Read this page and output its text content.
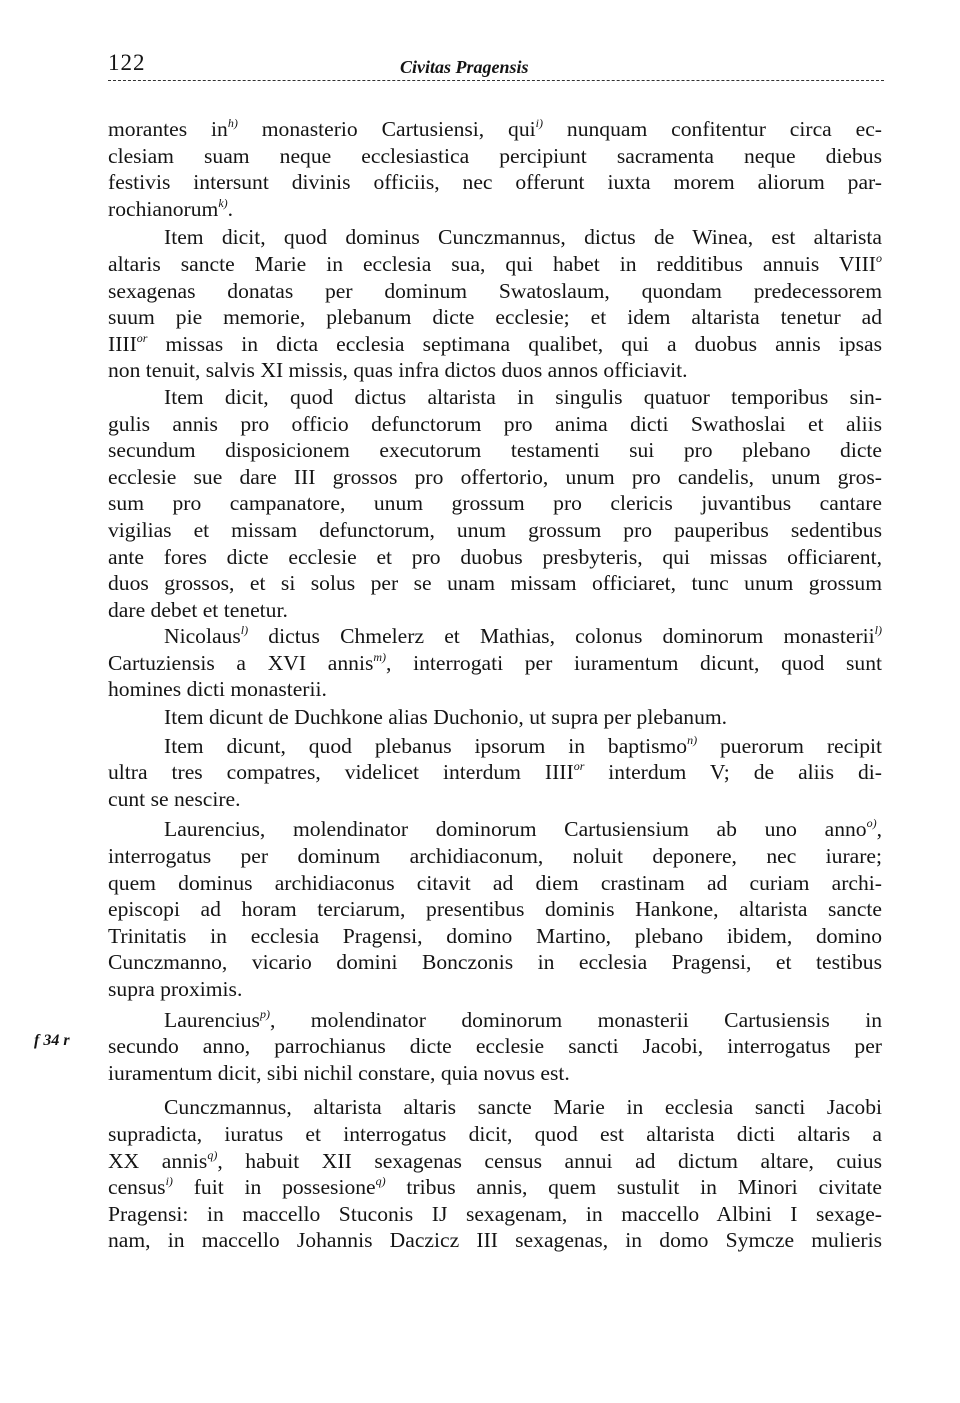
122	Civitas Pragensis
f 34 r
morantes $in^{h)}$ monasterio Cartusiensi, qui$^{i)}$ nunquam confitentur circa ec-
clesiam suam neque ecclesiastica percipiunt sacramenta neque diebus
festivis intersunt divinis officiis, nec offerunt iuxta morem aliorum par-
rochianorum$^{k)}$.
Item dicit, quod dominus Cunczmannus, dictus de Winea, est altarista
altaris sancte Marie in ecclesia sua, qui habet in redditibus annuis VIII$^o$
sexagenas donatas per dominum Swatoslaum, quondam predecessorem
suum pie memorie, plebanum dicte ecclesie; et idem altarista tenetur ad
$IIII^{or}$ missas in dicta ecclesia septimana qualibet, qui a duobus annis ipsas
non tenuit, salvis XI missis, quas infra dictos duos annos officiavit.
Item dicit, quod dictus altarista in singulis quatuor temporibus sin-
gulis annis pro officio defunctorum pro anima dicti Swathoslai et aliis
secundum disposicionem executorum testamenti sui pro plebano dicte
ecclesie sue dare III grossos pro offertorio, unum pro candelis, unum gros-
sum pro campanatore, unum grossum pro clericis juvantibus cantare
vigilias et missam defunctorum, unum grossum pro pauperibus sedentibus
ante fores dicte ecclesie et pro duobus presbyteris, qui missas officiarent,
duos grossos, et si solus per se unam missam officiaret, tunc unum grossum
dare debet et tenetur.
Nicolaus$^{l)}$ dictus Chmelerz et Mathias, colonus dominorum monasterii$^{l)}$
Cartuziensis a XVI annis$^{m)}$, interrogati per iuramentum dicunt, quod sunt
homines dicti monasterii.
Item dicunt de Duchkone alias Duchonio, ut supra per plebanum.
Item dicunt, quod plebanus ipsorum in baptismo$^{n)}$ puerorum recipit
ultra tres compatres, videlicet interdum $IIII^{or}$ interdum V; de aliis di-
cunt se nescire.
Laurencius, molendinator dominorum Cartusiensium ab uno anno$^{o)}$,
interrogatus per dominum archidiaconum, noluit deponere, nec iurare;
quem dominus archidiaconus citavit ad diem crastinam ad curiam archi-
episcopi ad horam terciarum, presentibus dominis Hankone, altarista sancte
Trinitatis in ecclesia Pragensi, domino Martino, plebano ibidem, domino
Cunczmanno, vicario domini Bonczonis in ecclesia Pragensi, et testibus
supra proximis.
Laurencius$^{p)}$, molendinator dominorum monasterii Cartusiensis in
secundo anno, parrochianus dicte ecclesie sancti Jacobi, interrogatus per
iuramentum dicit, sibi nichil constare, quia novus est.
Cunczmannus, altarista altaris sancte Marie in ecclesia sancti Jacobi
supradicta, iuratus et interrogatus dicit, quod est altarista dicti altaris a
XX annis$^{q)}$, habuit XII sexagenas census annui ad dictum altare, cuius
census$^{i)}$ fuit in possesione$^{q)}$ tribus annis, quem sustulit in Minori civitate
Pragensi: in maccello Stuconis IJ sexagenam, in maccello Albini I sexage-
nam, in maccello Johannis Daczicz III sexagenas, in domo Symcze mulieris
